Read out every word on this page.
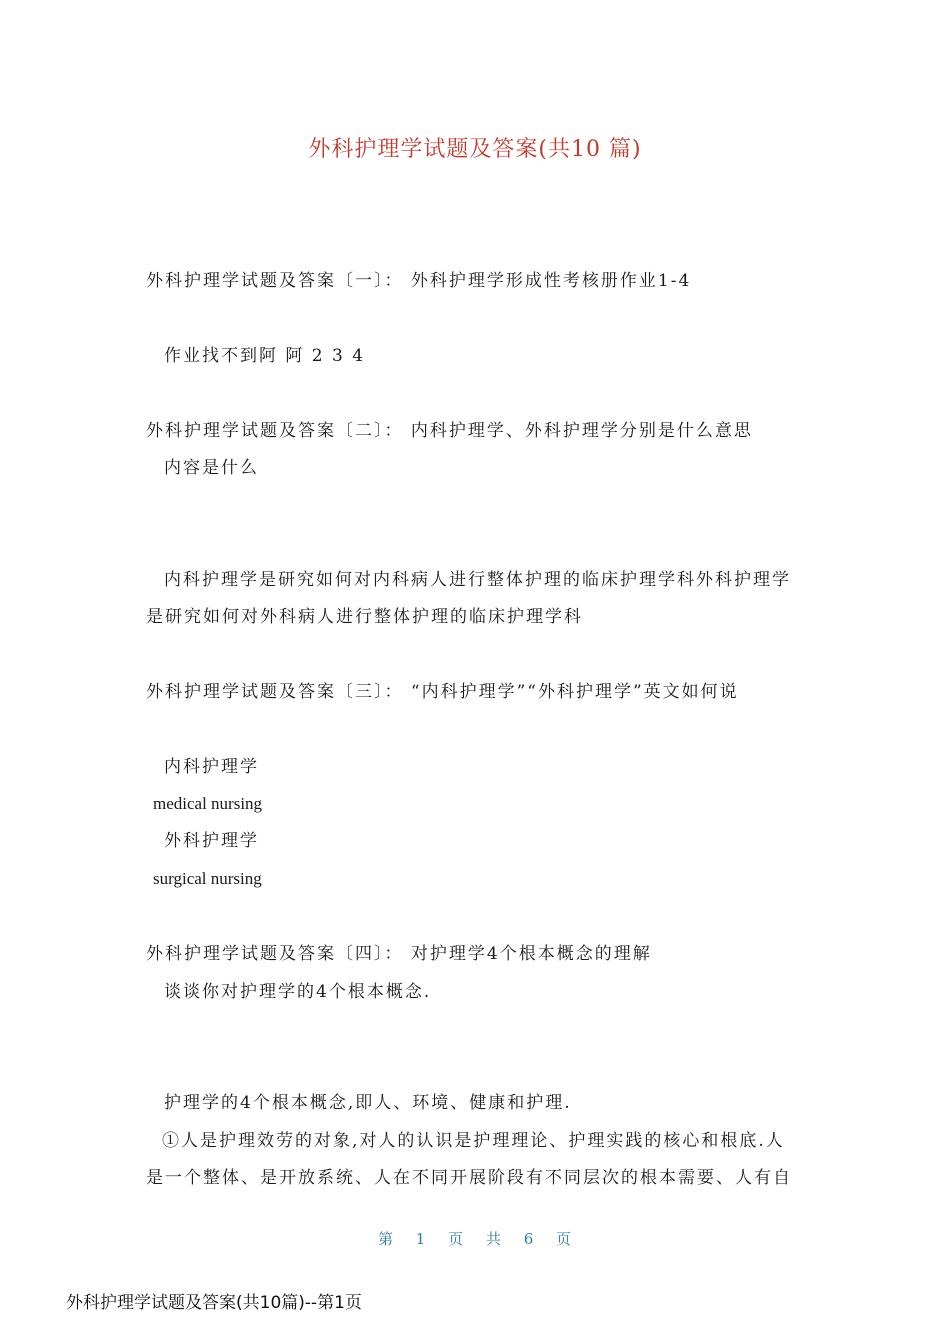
外科护理学试题及答案(共10 篇)
外科护理学试题及答案〔一〕： 外科护理学形成性考核册作业1-4
作业找不到阿 阿 2 3 4
外科护理学试题及答案〔二〕： 内科护理学、外科护理学分别是什么意思
内容是什么
内科护理学是研究如何对内科病人进行整体护理的临床护理学科外科护理学
是研究如何对外科病人进行整体护理的临床护理学科
外科护理学试题及答案〔三〕： “内科护理学”“外科护理学”英文如何说
内科护理学
medical nursing
外科护理学
surgical nursing
外科护理学试题及答案〔四〕： 对护理学4个根本概念的理解
谈谈你对护理学的4个根本概念.
护理学的4个根本概念,即人、环境、健康和护理.
①人是护理效劳的对象,对人的认识是护理理论、护理实践的核心和根底.人
是一个整体、是开放系统、人在不同开展阶段有不同层次的根本需要、人有自
第 1 页 共 6 页
外科护理学试题及答案(共10篇)--第1页
